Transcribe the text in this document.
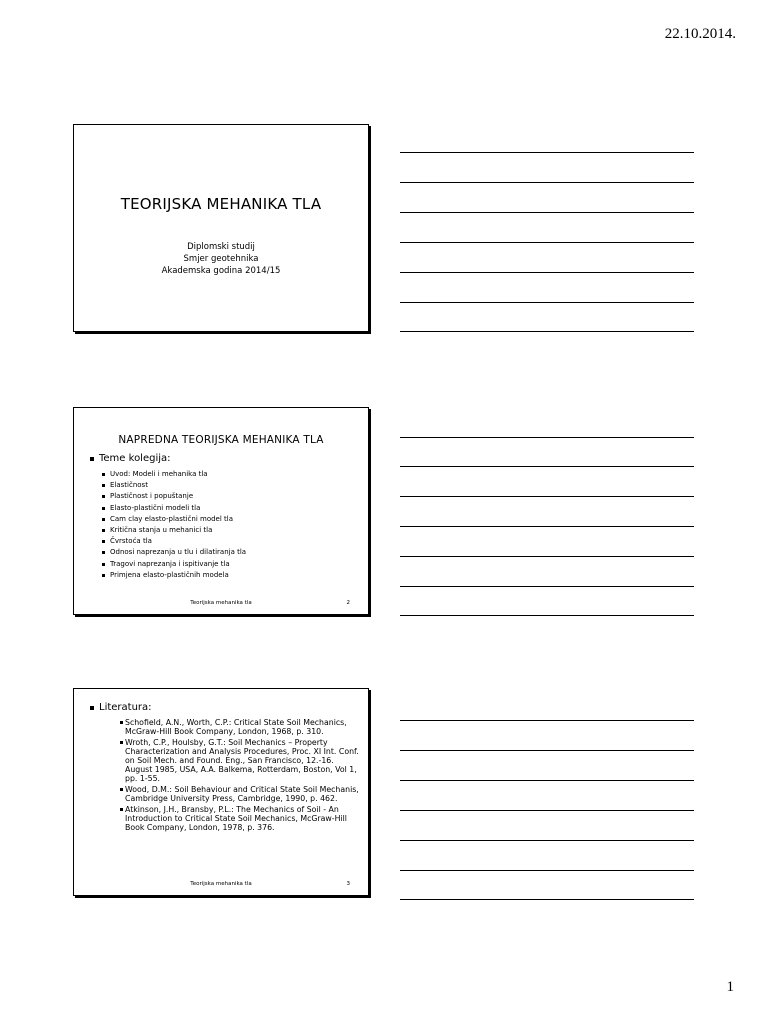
22.10.2014.
TEORIJSKA MEHANIKA TLA
Diplomski studij
Smjer geotehnika
Akademska godina 2014/15
NAPREDNA TEORIJSKA MEHANIKA TLA
Teme kolegija:
Uvod: Modeli i mehanika tla
Elastičnost
Plastičnost i popuštanje
Elasto-plastični modeli tla
Cam clay elasto-plastični model tla
Kritična stanja u mehanici tla
Čvrstoća tla
Odnosi naprezanja u tlu i dilatiranja tla
Tragovi naprezanja i ispitivanje tla
Primjena elasto-plastičnih modela
Teorijska mehanika tla	2
Literatura:
Schofield, A.N., Worth, C.P.: Critical State Soil Mechanics, McGraw-Hill Book Company, London, 1968, p. 310.
Wroth, C.P., Houlsby, G.T.: Soil Mechanics – Property Characterization and Analysis Procedures, Proc. XI Int. Conf. on Soil Mech. and Found. Eng., San Francisco, 12.-16. August 1985, USA, A.A. Balkema, Rotterdam, Boston, Vol 1, pp. 1-55.
Wood, D.M.: Soil Behaviour and Critical State Soil Mechanis, Cambridge University Press, Cambridge, 1990, p. 462.
Atkinson, J.H., Bransby, P.L.: The Mechanics of Soil - An Introduction to Critical State Soil Mechanics, McGraw-Hill Book Company, London, 1978, p. 376.
Teorijska mehanika tla	3
1
